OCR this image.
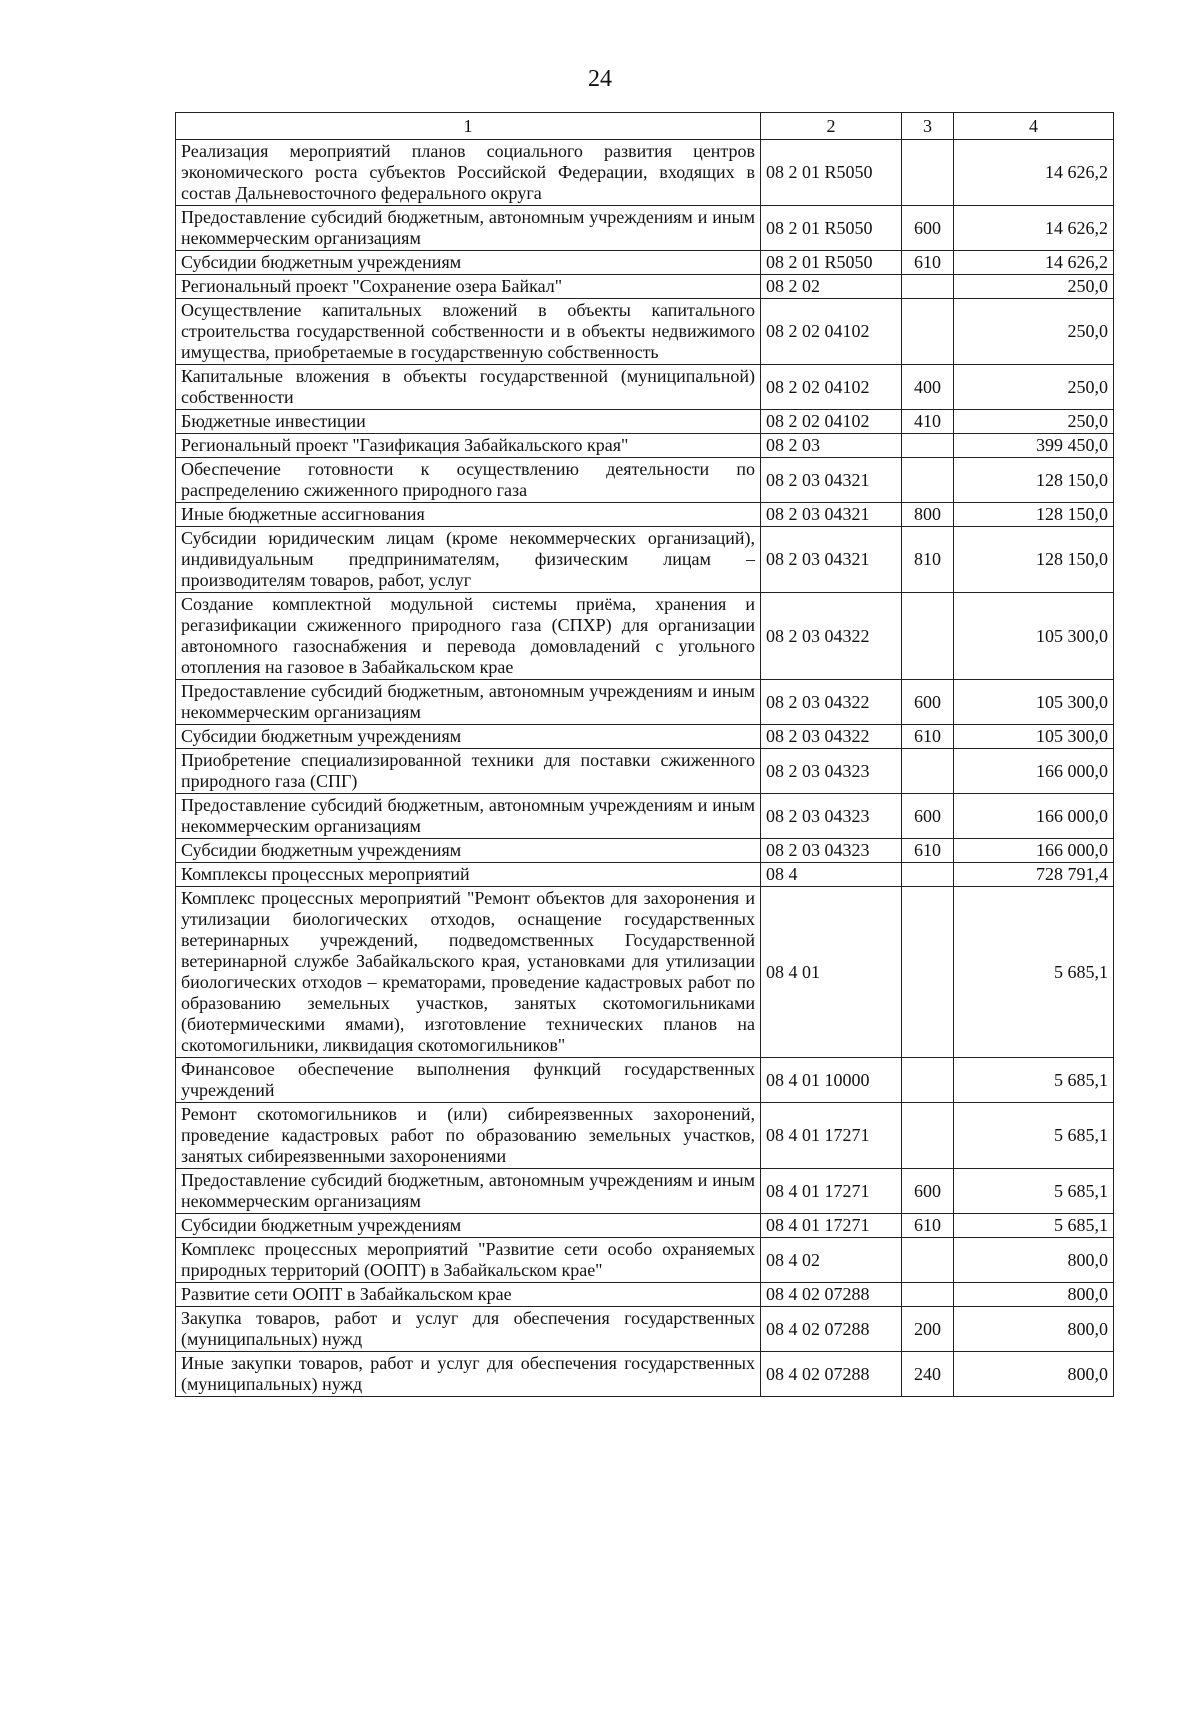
24
1	2	3	4
Реализация мероприятий планов социального развития центров экономического роста субъектов Российской Федерации, входящих в состав Дальневосточного федерального округа	08 2 01 R5050		14 626,2
Предоставление субсидий бюджетным, автономным учреждениям и иным некоммерческим организациям	08 2 01 R5050	600	14 626,2
Субсидии бюджетным учреждениям	08 2 01 R5050	610	14 626,2
Региональный проект "Сохранение озера Байкал"	08 2 02		250,0
Осуществление капитальных вложений в объекты капитального строительства государственной собственности и в объекты недвижимого имущества, приобретаемые в государственную собственность	08 2 02 04102		250,0
Капитальные вложения в объекты государственной (муниципальной) собственности	08 2 02 04102	400	250,0
Бюджетные инвестиции	08 2 02 04102	410	250,0
Региональный проект "Газификация Забайкальского края"	08 2 03		399 450,0
Обеспечение готовности к осуществлению деятельности по распределению сжиженного природного газа	08 2 03 04321		128 150,0
Иные бюджетные ассигнования	08 2 03 04321	800	128 150,0
Субсидии юридическим лицам (кроме некоммерческих организаций), индивидуальным предпринимателям, физическим лицам – производителям товаров, работ, услуг	08 2 03 04321	810	128 150,0
Создание комплектной модульной системы приёма, хранения и регазификации сжиженного природного газа (СПХР) для организации автономного газоснабжения и перевода домовладений с угольного отопления на газовое в Забайкальском крае	08 2 03 04322		105 300,0
Предоставление субсидий бюджетным, автономным учреждениям и иным некоммерческим организациям	08 2 03 04322	600	105 300,0
Субсидии бюджетным учреждениям	08 2 03 04322	610	105 300,0
Приобретение специализированной техники для поставки сжиженного природного газа (СПГ)	08 2 03 04323		166 000,0
Предоставление субсидий бюджетным, автономным учреждениям и иным некоммерческим организациям	08 2 03 04323	600	166 000,0
Субсидии бюджетным учреждениям	08 2 03 04323	610	166 000,0
Комплексы процессных мероприятий	08 4		728 791,4
Комплекс процессных мероприятий "Ремонт объектов для захоронения и утилизации биологических отходов, оснащение государственных ветеринарных учреждений, подведомственных Государственной ветеринарной службе Забайкальского края, установками для утилизации биологических отходов – крематорами, проведение кадастровых работ по образованию земельных участков, занятых скотомогильниками (биотермическими ямами), изготовление технических планов на скотомогильники, ликвидация скотомогильников"	08 4 01		5 685,1
Финансовое обеспечение выполнения функций государственных учреждений	08 4 01 10000		5 685,1
Ремонт скотомогильников и (или) сибиреязвенных захоронений, проведение кадастровых работ по образованию земельных участков, занятых сибиреязвенными захоронениями	08 4 01 17271		5 685,1
Предоставление субсидий бюджетным, автономным учреждениям и иным некоммерческим организациям	08 4 01 17271	600	5 685,1
Субсидии бюджетным учреждениям	08 4 01 17271	610	5 685,1
Комплекс процессных мероприятий "Развитие сети особо охраняемых природных территорий (ООПТ) в Забайкальском крае"	08 4 02		800,0
Развитие сети ООПТ в Забайкальском крае	08 4 02 07288		800,0
Закупка товаров, работ и услуг для обеспечения государственных (муниципальных) нужд	08 4 02 07288	200	800,0
Иные закупки товаров, работ и услуг для обеспечения государственных (муниципальных) нужд	08 4 02 07288	240	800,0
